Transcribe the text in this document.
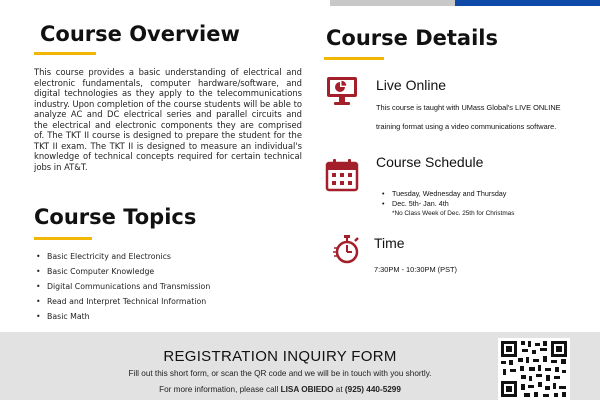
Course Overview

This course provides a basic understanding of electrical and electronic fundamentals, computer hardware/software, and digital technologies as they apply to the telecommunications industry. Upon completion of the course students will be able to analyze AC and DC electrical series and parallel circuits and the electrical and electronic components they are comprised of. The TKT II course is designed to prepare the student for the TKT II exam. The TKT II is designed to measure an individual's knowledge of technical concepts required for certain technical jobs in AT&T.

Course Topics
• Basic Electricity and Electronics
• Basic Computer Knowledge
• Digital Communications and Transmission
• Read and Interpret Technical Information
• Basic Math
Course Details
Live Online
This course is taught with UMass Global's LIVE ONLINE
training format using a video communications software.
Course Schedule
• Tuesday, Wednesday and Thursday
• Dec. 5th- Jan. 4th
*No Class Week of Dec. 25th for Christmas
Time
7:30PM - 10:30PM (PST)
REGISTRATION INQUIRY FORM
Fill out this short form, or scan the QR code and we will be in touch with you shortly.
For more information, please call LISA OBIEDO at (925) 440-5299
